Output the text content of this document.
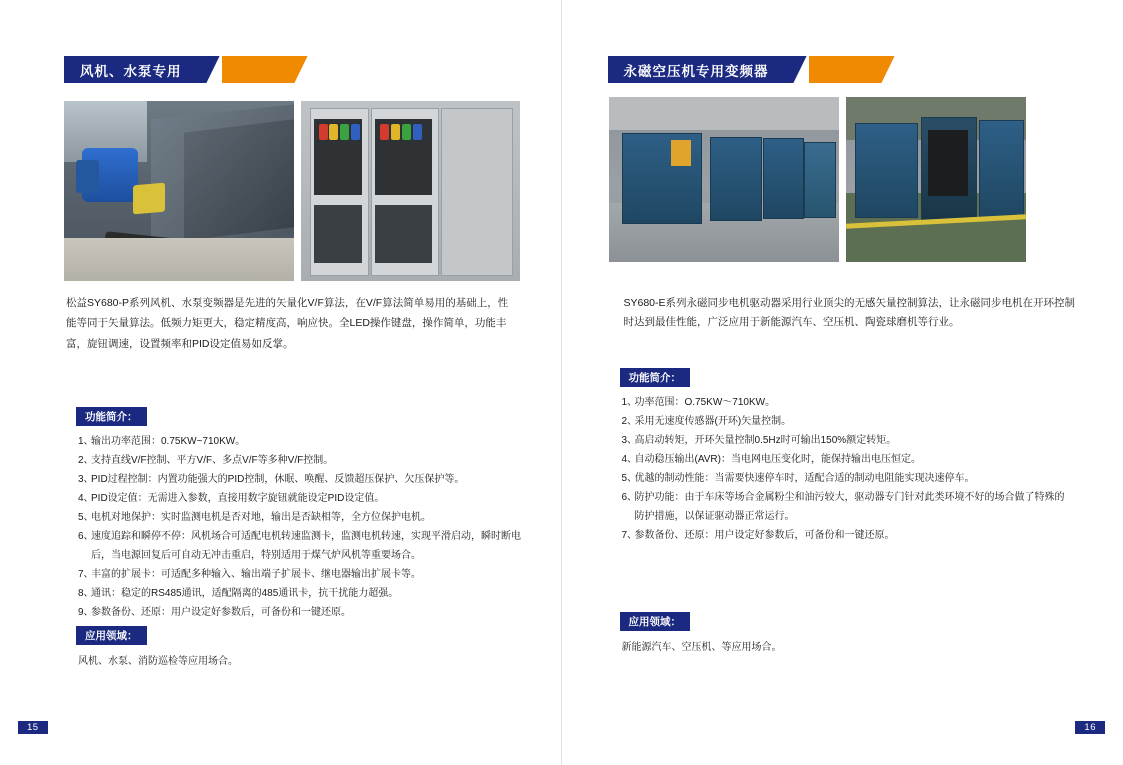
风机、水泵专用
松益SY680-P系列风机、水泵变频器是先进的矢量化V/F算法，在V/F算法简单易用的基础上，性能等同于矢量算法。低频力矩更大，稳定精度高，响应快。全LED操作键盘，操作简单，功能丰富，旋钮调速，设置频率和PID设定值易如反掌。
功能简介：
1、
输出功率范围：0.75KW~710KW。
2、
支持直线V/F控制、平方V/F、多点V/F等多种V/F控制。
3、
PID过程控制：内置功能强大的PID控制，休眠、唤醒、反馈超压保护、欠压保护等。
4、
PID设定值：无需进入参数，直接用数字旋钮就能设定PID设定值。
5、
电机对地保护：实时监测电机是否对地，输出是否缺相等，全方位保护电机。
6、
速度追踪和瞬停不停：风机场合可适配电机转速监测卡，监测电机转速，实现平滑启动，瞬时断电后，当电源回复后可自动无冲击重启，特别适用于煤气炉风机等重要场合。
7、
丰富的扩展卡：可适配多种输入、输出端子扩展卡、继电器输出扩展卡等。
8、
通讯：稳定的RS485通讯，适配隔离的485通讯卡，抗干扰能力超强。
9、
参数备份、还原：用户设定好参数后，可备份和一键还原。
应用领域：
风机、水泵、消防巡检等应用场合。
15
永磁空压机专用变频器
SY680-E系列永磁同步电机驱动器采用行业顶尖的无感矢量控制算法，让永磁同步电机在开环控制时达到最佳性能，广泛应用于新能源汽车、空压机、陶瓷球磨机等行业。
功能简介：
1、
功率范围：O.75KW～710KW。
2、
采用无速度传感器(开环)矢量控制。
3、
高启动转矩，开环矢量控制0.5Hz时可输出150%额定转矩。
4、
自动稳压输出(AVR)：当电网电压变化时，能保持输出电压恒定。
5、
优越的制动性能：当需要快速停车时，适配合适的制动电阻能实现决速停车。
6、
防护功能：由于车床等场合金属粉尘和油污较大，驱动器专门针对此类环境不好的场合做了特殊的防护措施，以保证驱动器正常运行。
7、
参数备份、还原：用户设定好参数后，可备份和一键还原。
应用领域：
新能源汽车、空压机、等应用场合。
16
